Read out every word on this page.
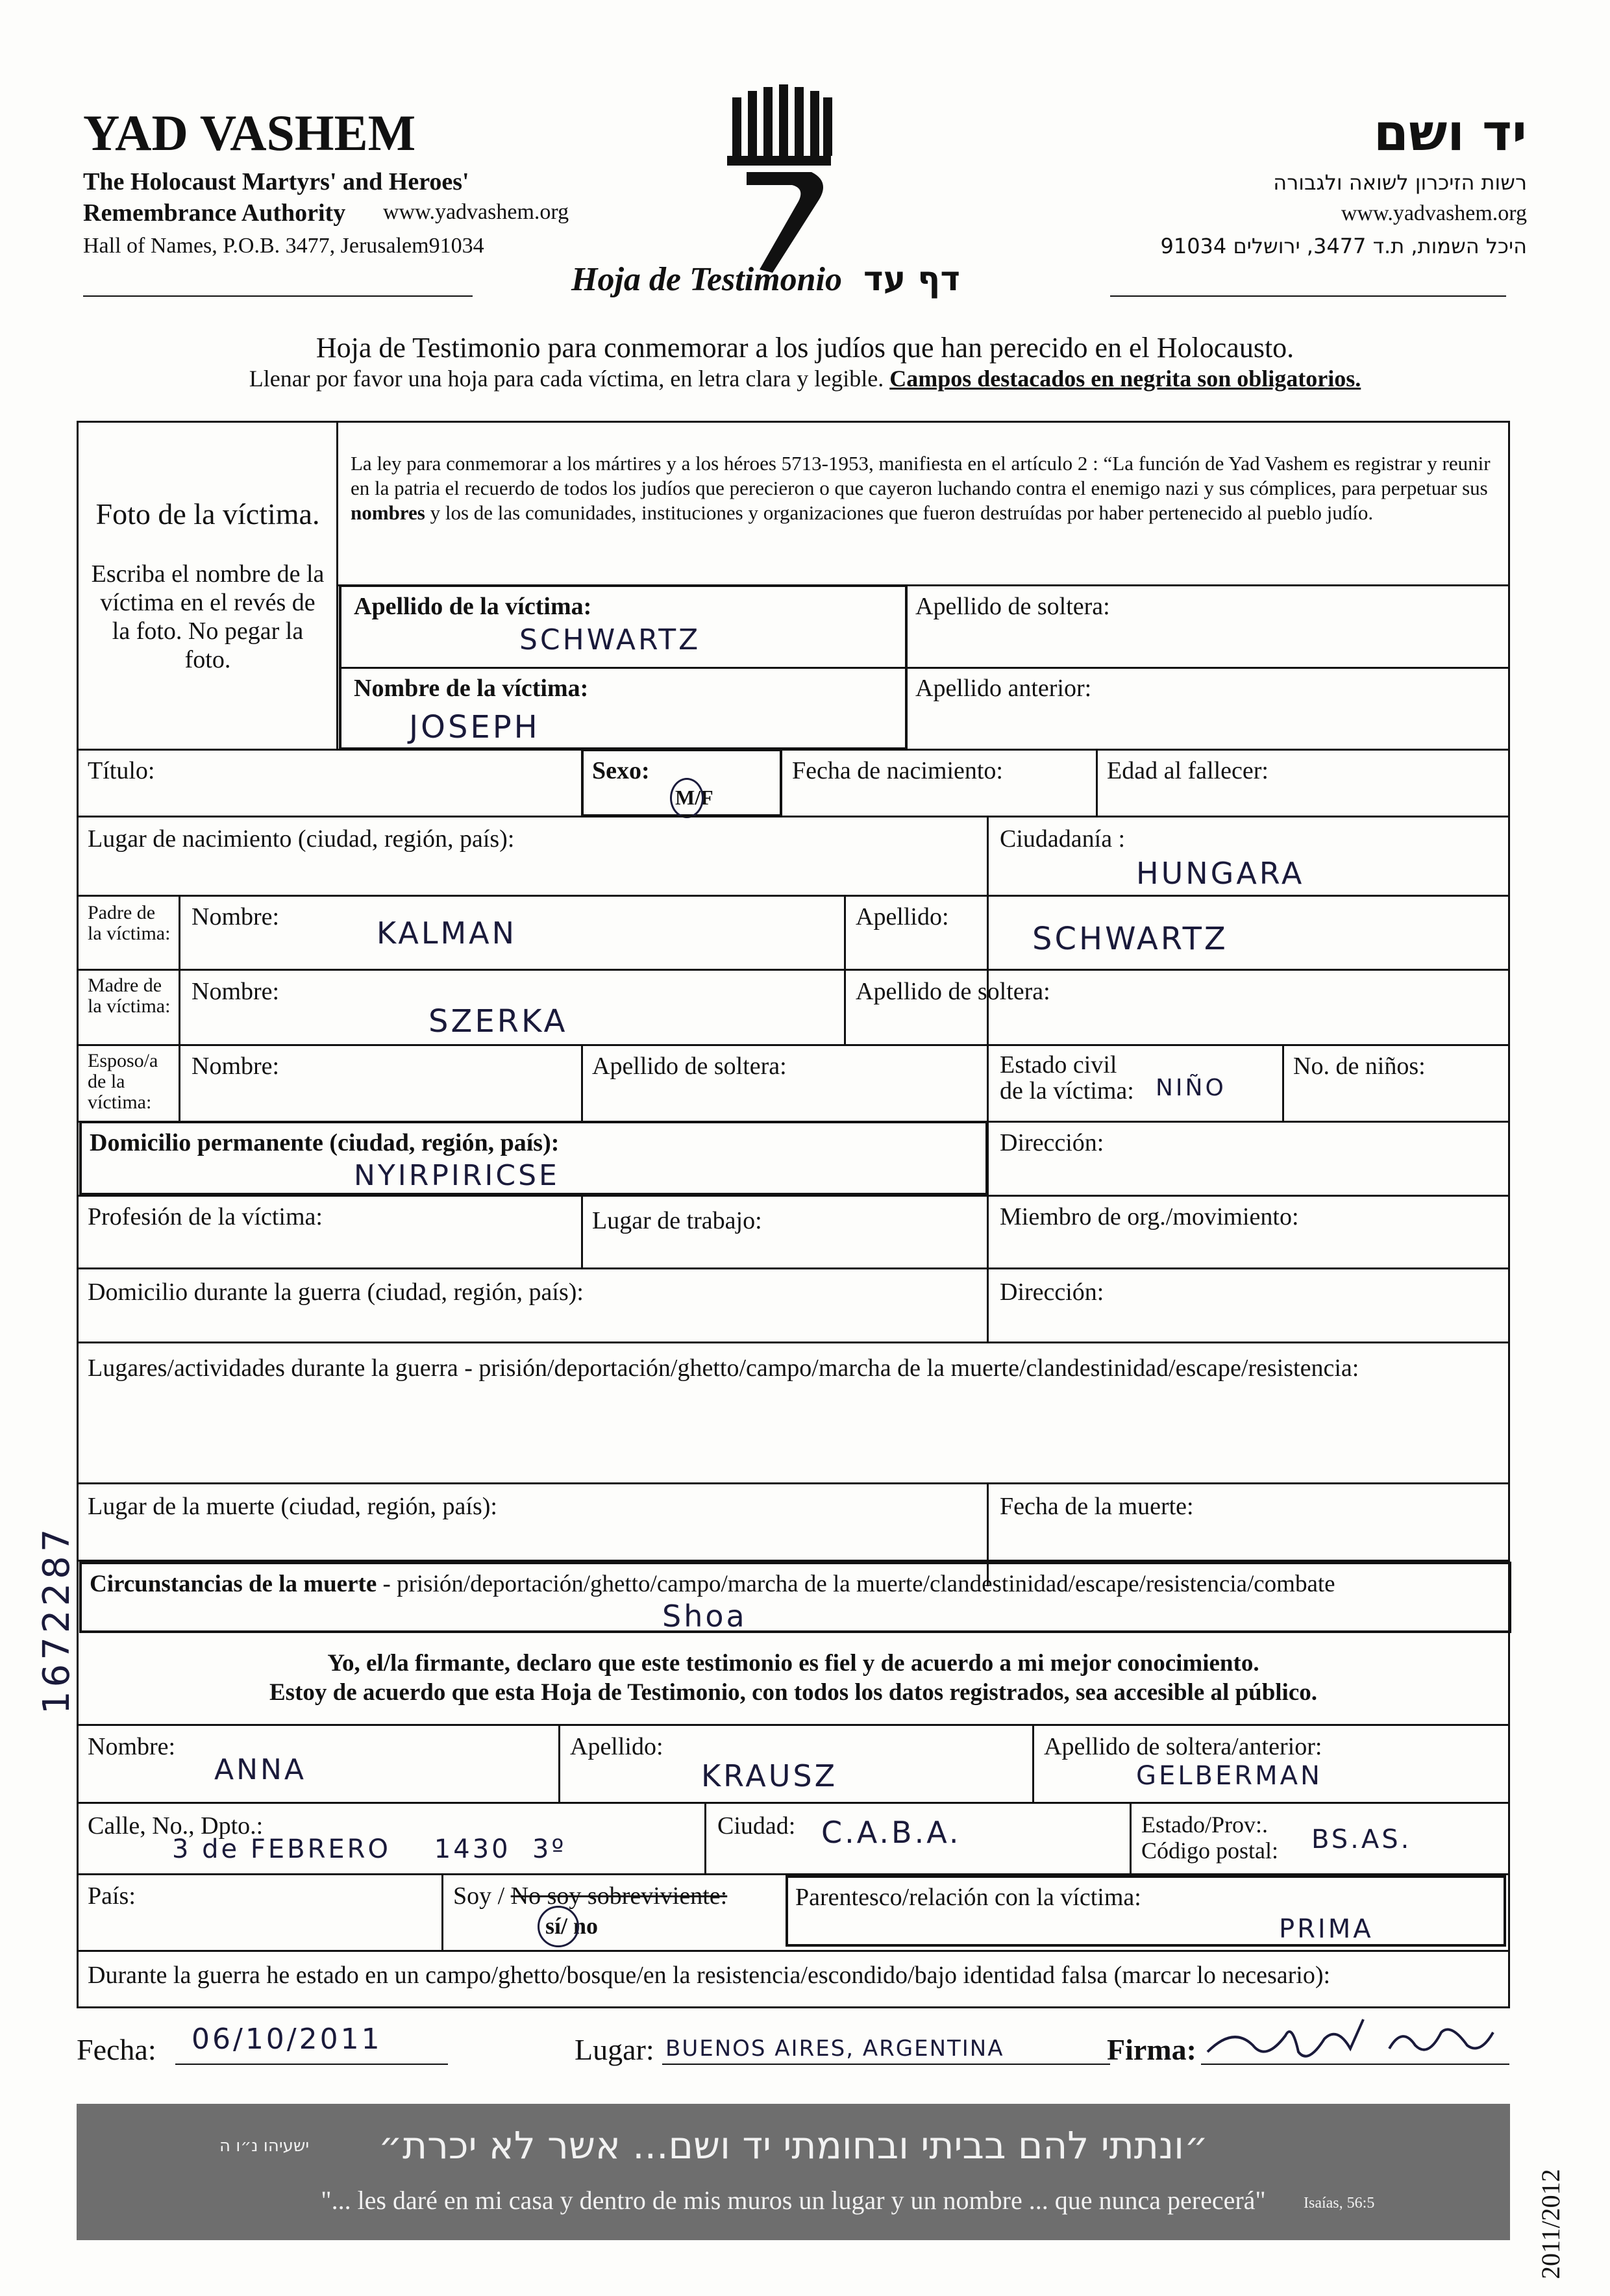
YAD VASHEM
The Holocaust Martyrs' and Heroes'
Remembrance Authority www.yadvashem.org
Hall of Names, P.O.B. 3477, Jerusalem91034
יד ושם
רשות הזיכרון לשואה ולגבורה
www.yadvashem.org
היכל השמות, ת.ד 3477, ירושלים 91034
Hoja de Testimonio דף עד
Hoja de Testimonio para conmemorar a los judíos que han perecido en el Holocausto.
Llenar por favor una hoja para cada víctima, en letra clara y legible. Campos destacados en negrita son obligatorios.
Foto de la víctima.
Escriba el nombre de la víctima en el revés de la foto. No pegar la foto.
La ley para conmemorar a los mártires y a los héroes 5713-1953, manifiesta en el artículo 2 : “La función de Yad Vashem es registrar y reunir en la patria el recuerdo de todos los judíos que perecieron o que cayeron luchando contra el enemigo nazi y sus cómplices, para perpetuar sus nombres y los de las comunidades, instituciones y organizaciones que fueron destruídas por haber pertenecido al pueblo judío.
Apellido de la víctima:
SCHWARTZ
Apellido de soltera:
Nombre de la víctima:
JOSEPH
Apellido anterior:
Título:	Sexo:
M/F
Fecha de nacimiento:	Edad al fallecer:
Lugar de nacimiento (ciudad, región, país):	Ciudadanía :
HUNGARA
Padre de la víctima:
Nombre:	KALMAN	Apellido:
SCHWARTZ
Madre de la víctima:
Nombre:
SZERKA
Apellido de soltera:
Esposo/a de la víctima:
Nombre:	Apellido de soltera:	Estado civil
de la víctima: NIÑO
No. de niños:
Domicilio permanente (ciudad, región, país):
NYIRPIRICSE
Dirección:
Profesión de la víctima:	Lugar de trabajo:	Miembro de org./movimiento:
Domicilio durante la guerra (ciudad, región, país):	Dirección:
Lugares/actividades durante la guerra - prisión/deportación/ghetto/campo/marcha de la muerte/clandestinidad/escape/resistencia:
Lugar de la muerte (ciudad, región, país):	Fecha de la muerte:
Circunstancias de la muerte - prisión/deportación/ghetto/campo/marcha de la muerte/clandestinidad/escape/resistencia/combate
Shoa
Yo, el/la firmante, declaro que este testimonio es fiel y de acuerdo a mi mejor conocimiento.
Estoy de acuerdo que esta Hoja de Testimonio, con todos los datos registrados, sea accesible al público.
Nombre:
ANNA
Apellido:
KRAUSZ
Apellido de soltera/anterior:
GELBERMAN
Calle, No., Dpto.:
3 de FEBRERO    1430  3º
Ciudad: C.A.B.A.	Estado/Prov:.
Código postal: BS.AS.
País:	Soy / No soy sobreviviente:
sí/ no
Parentesco/relación con la víctima:
PRIMA
Durante la guerra he estado en un campo/ghetto/bosque/en la resistencia/escondido/bajo identidad falsa (marcar lo necesario):
Fecha: 06/10/2011	Lugar: BUENOS AIRES, ARGENTINA	Firma:
1672287
2011/2012
״ונתתי להם בביתי ובחומתי יד ושם... אשר לא יכרת״
ישעיהו נ״ו ה
"... les daré en mi casa y dentro de mis muros un lugar y un nombre ... que nunca perecerá"	Isaías, 56:5
